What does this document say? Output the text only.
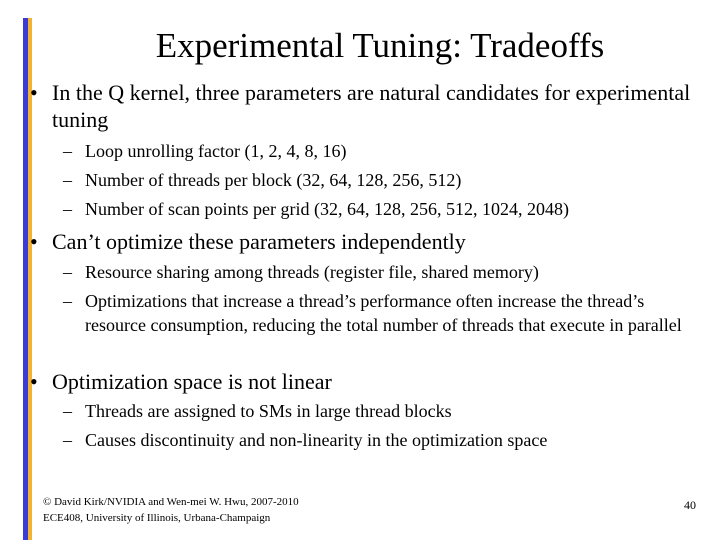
Experimental Tuning: Tradeoffs
• In the Q kernel, three parameters are natural candidates for experimental tuning
– Loop unrolling factor (1, 2, 4, 8, 16)
– Number of threads per block (32, 64, 128, 256, 512)
– Number of scan points per grid (32, 64, 128, 256, 512, 1024, 2048)
• Can’t optimize these parameters independently
– Resource sharing among threads (register file, shared memory)
– Optimizations that increase a thread’s performance often increase the thread’s resource consumption, reducing the total number of threads that execute in parallel
• Optimization space is not linear
– Threads are assigned to SMs in large thread blocks
– Causes discontinuity and non-linearity in the optimization space
© David Kirk/NVIDIA and Wen-mei W. Hwu, 2007-2010
ECE408, University of Illinois, Urbana-Champaign
40
